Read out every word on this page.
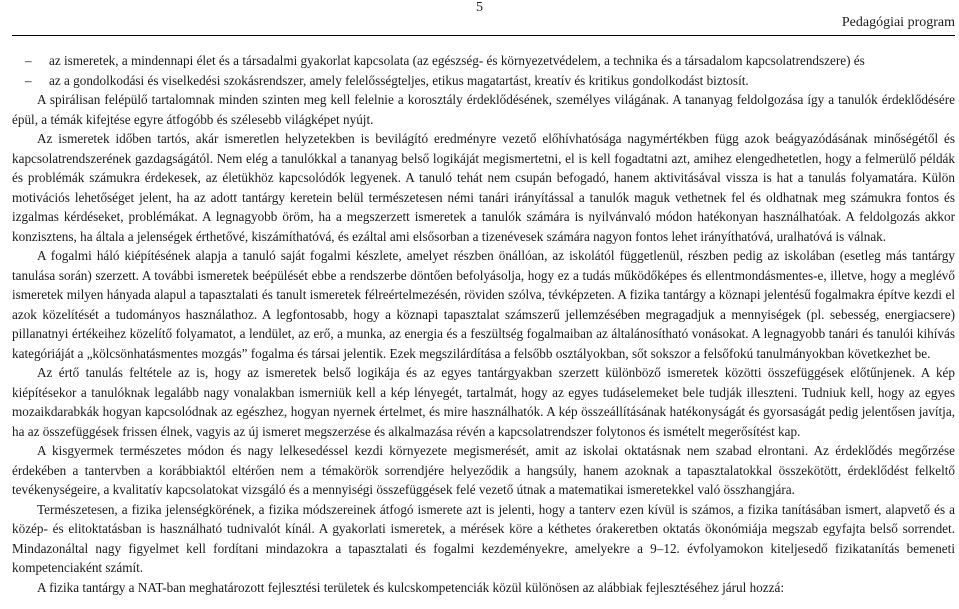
5
Pedagógiai program
– az ismeretek, a mindennapi élet és a társadalmi gyakorlat kapcsolata (az egészség- és környezetvédelem, a technika és a társadalom kapcsolatrendszere) és
– az a gondolkodási és viselkedési szokásrendszer, amely felelősségteljes, etikus magatartást, kreatív és kritikus gondolkodást biztosít.

A spirálisan felépülő tartalomnak minden szinten meg kell felelnie a korosztály érdeklődésének, személyes világának. A tananyag feldolgozása így a tanulók érdeklődésére épül, a témák kifejtése egyre átfogóbb és szélesebb világképet nyújt.

Az ismeretek időben tartós, akár ismeretlen helyzetekben is bevilágító eredményre vezető előhívhatósága nagymértékben függ azok beágyazódásának minőségétől és kapcsolatrendszerének gazdagságától. Nem elég a tanulókkal a tananyag belső logikáját megismertetni, el is kell fogadtatni azt, amihez elengedhetetlen, hogy a felmerülő példák és problémák számukra érdekesek, az életükhöz kapcsolódók legyenek. A tanuló tehát nem csupán befogadó, hanem aktivitásával vissza is hat a tanulás folyamatára. Külön motivációs lehetőséget jelent, ha az adott tantárgy keretein belül természetesen némi tanári irányítással a tanulók maguk vethetnek fel és oldhatnak meg számukra fontos és izgalmas kérdéseket, problémákat. A legnagyobb öröm, ha a megszerzett ismeretek a tanulók számára is nyilvánvaló módon hatékonyan használhatóak. A feldolgozás akkor konzisztens, ha általa a jelenségek érthetővé, kiszámíthatóvá, és ezáltal ami elsősorban a tizenévesek számára nagyon fontos lehet irányíthatóvá, uralhatóvá is válnak.

A fogalmi háló kiépítésének alapja a tanuló saját fogalmi készlete, amelyet részben önállóan, az iskolától függetlenül, részben pedig az iskolában (esetleg más tantárgy tanulása során) szerzett. A további ismeretek beépülését ebbe a rendszerbe döntően befolyásolja, hogy ez a tudás működőképes és ellentmondásmentes-e, illetve, hogy a meglévő ismeretek milyen hányada alapul a tapasztalati és tanult ismeretek félreértelmezésén, röviden szólva, tévképzeten. A fizika tantárgy a köznapi jelentésű fogalmakra építve kezdi el azok közelítését a tudományos használathoz. A legfontosabb, hogy a köznapi tapasztalat számszerű jellemzésében megragadjuk a mennyiségek (pl. sebesség, energiacsere) pillanatnyi értékeihez közelítő folyamatot, a lendület, az erő, a munka, az energia és a feszültség fogalmaiban az általánosítható vonásokat. A legnagyobb tanári és tanulói kihívás kategóriáját a „kölcsönhatásmentes mozgás” fogalma és társai jelentik. Ezek megszilárdítása a felsőbb osztályokban, sőt sokszor a felsőfokú tanulmányokban következhet be.

Az értő tanulás feltétele az is, hogy az ismeretek belső logikája és az egyes tantárgyakban szerzett különböző ismeretek közötti összefüggések előtűnjenek. A kép kiépítésekor a tanulóknak legalább nagy vonalakban ismerniük kell a kép lényegét, tartalmát, hogy az egyes tudáselemeket bele tudják illeszteni. Tudniuk kell, hogy az egyes mozaikdarabkák hogyan kapcsolódnak az egészhez, hogyan nyernek értelmet, és mire használhatók. A kép összeállításának hatékonyságát és gyorsaságát pedig jelentősen javítja, ha az összefüggések frissen élnek, vagyis az új ismeret megszerzése és alkalmazása révén a kapcsolatrendszer folytonos és ismételt megerősítést kap.

A kisgyermek természetes módon és nagy lelkesedéssel kezdi környezete megismerését, amit az iskolai oktatásnak nem szabad elrontani. Az érdeklődés megőrzése érdekében a tantervben a korábbiaktól eltérően nem a témakörök sorrendjére helyeződik a hangsúly, hanem azoknak a tapasztalatokkal összekötött, érdeklődést felkeltő tevékenységeire, a kvalitatív kapcsolatokat vizsgáló és a mennyiségi összefüggések felé vezető útnak a matematikai ismeretekkel való összhangjára.

Természetesen, a fizika jelenségkörének, a fizika módszereinek átfogó ismerete azt is jelenti, hogy a tanterv ezen kívül is számos, a fizika tanításában ismert, alapvető és a közép- és elitoktatásban is használható tudnivalót kínál. A gyakorlati ismeretek, a mérések köre a kéthetes órakeretben oktatás ökonómiája megszab egyfajta belső sorrendet. Mindazonáltal nagy figyelmet kell fordítani mindazokra a tapasztalati és fogalmi kezdeményekre, amelyekre a 9–12. évfolyamokon kiteljesedő fizikatanítás bemeneti kompetenciaként számít.

A fizika tantárgy a NAT-ban meghatározott fejlesztési területek és kulcskompetenciák közül különösen az alábbiak fejlesztéséhez járul hozzá:
